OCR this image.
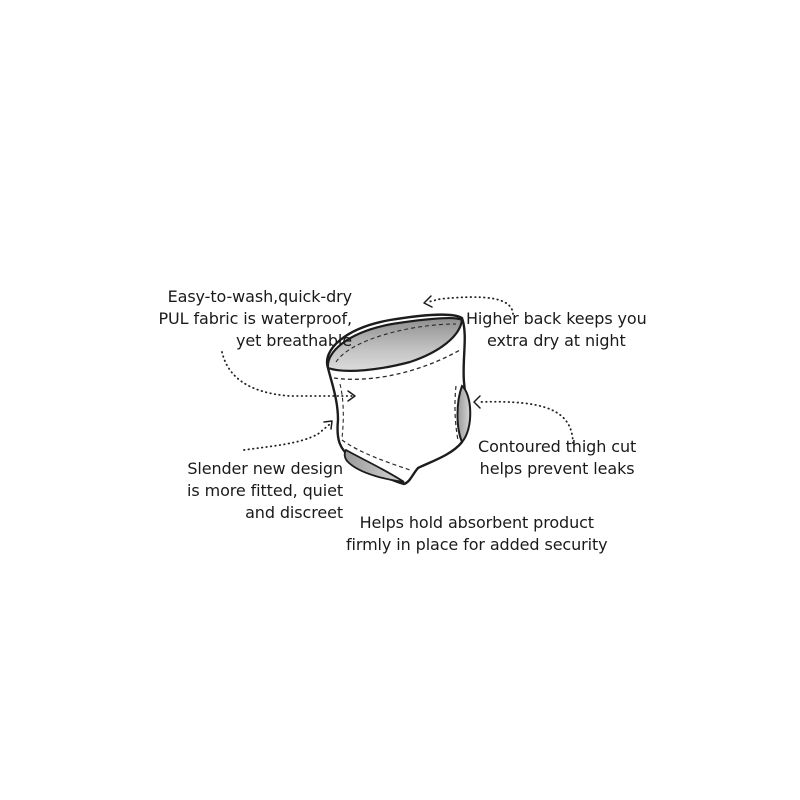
Easy-to-wash,quick-dry
PUL fabric is waterproof,
yet breathable
Higher back keeps you
extra dry at night
Contoured thigh cut
helps prevent leaks
Slender new design
is more fitted, quiet
and discreet
Helps hold absorbent product
firmly in place for added security
